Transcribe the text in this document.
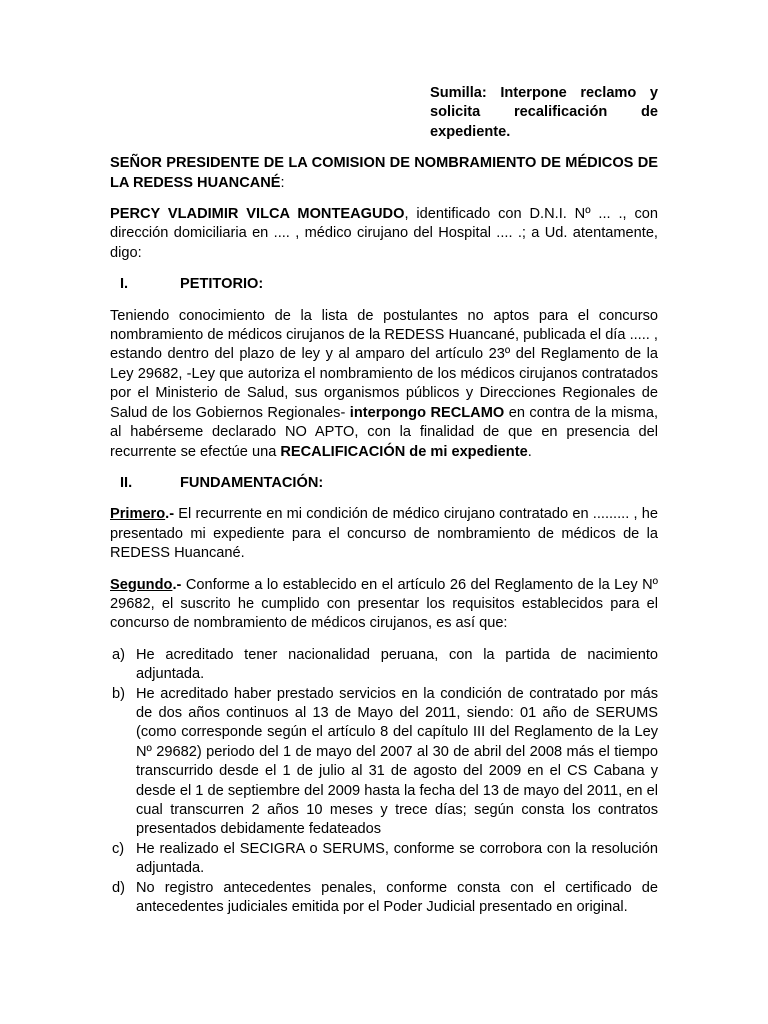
Sumilla: Interpone reclamo y solicita recalificación de expediente.

SEÑOR PRESIDENTE DE LA COMISION DE NOMBRAMIENTO DE MÉDICOS DE LA REDESS HUANCANÉ:

PERCY VLADIMIR VILCA MONTEAGUDO, identificado con D.N.I. Nº ... ., con dirección domiciliaria en .... , médico cirujano del Hospital .... .; a Ud. atentamente, digo:

I.	PETITORIO:

Teniendo conocimiento de la lista de postulantes no aptos para el concurso nombramiento de médicos cirujanos de la REDESS Huancané, publicada el día ..... , estando dentro del plazo de ley y al amparo del artículo 23º del Reglamento de la Ley 29682, -Ley que autoriza el nombramiento de los médicos cirujanos contratados por el Ministerio de Salud, sus organismos públicos y Direcciones Regionales de Salud de los Gobiernos Regionales- interpongo RECLAMO en contra de la misma, al habérseme declarado NO APTO, con la finalidad de que en presencia del recurrente se efectúe una RECALIFICACIÓN de mi expediente.

II.	FUNDAMENTACIÓN:

Primero.- El recurrente en mi condición de médico cirujano contratado en ......... , he presentado mi expediente para el concurso de nombramiento de médicos de la REDESS Huancané.

Segundo.- Conforme a lo establecido en el artículo 26 del Reglamento de la Ley Nº 29682, el suscrito he cumplido con presentar los requisitos establecidos para el concurso de nombramiento de médicos cirujanos, es así que:

a) He acreditado tener nacionalidad peruana, con la partida de nacimiento adjuntada.
b) He acreditado haber prestado servicios en la condición de contratado por más de dos años continuos al 13 de Mayo del 2011, siendo: 01 año de SERUMS (como corresponde según el artículo 8 del capítulo III del Reglamento de la Ley Nº 29682) periodo del 1 de mayo del 2007 al 30 de abril del 2008 más el tiempo transcurrido desde el 1 de julio al 31 de agosto del 2009 en el CS Cabana y desde el 1 de septiembre del 2009 hasta la fecha del 13 de mayo del 2011, en el cual transcurren 2 años 10 meses y trece días; según consta los contratos presentados debidamente fedateados
c) He realizado el SECIGRA o SERUMS, conforme se corrobora con la resolución adjuntada.
d) No registro antecedentes penales, conforme consta con el certificado de antecedentes judiciales emitida por el Poder Judicial presentado en original.
